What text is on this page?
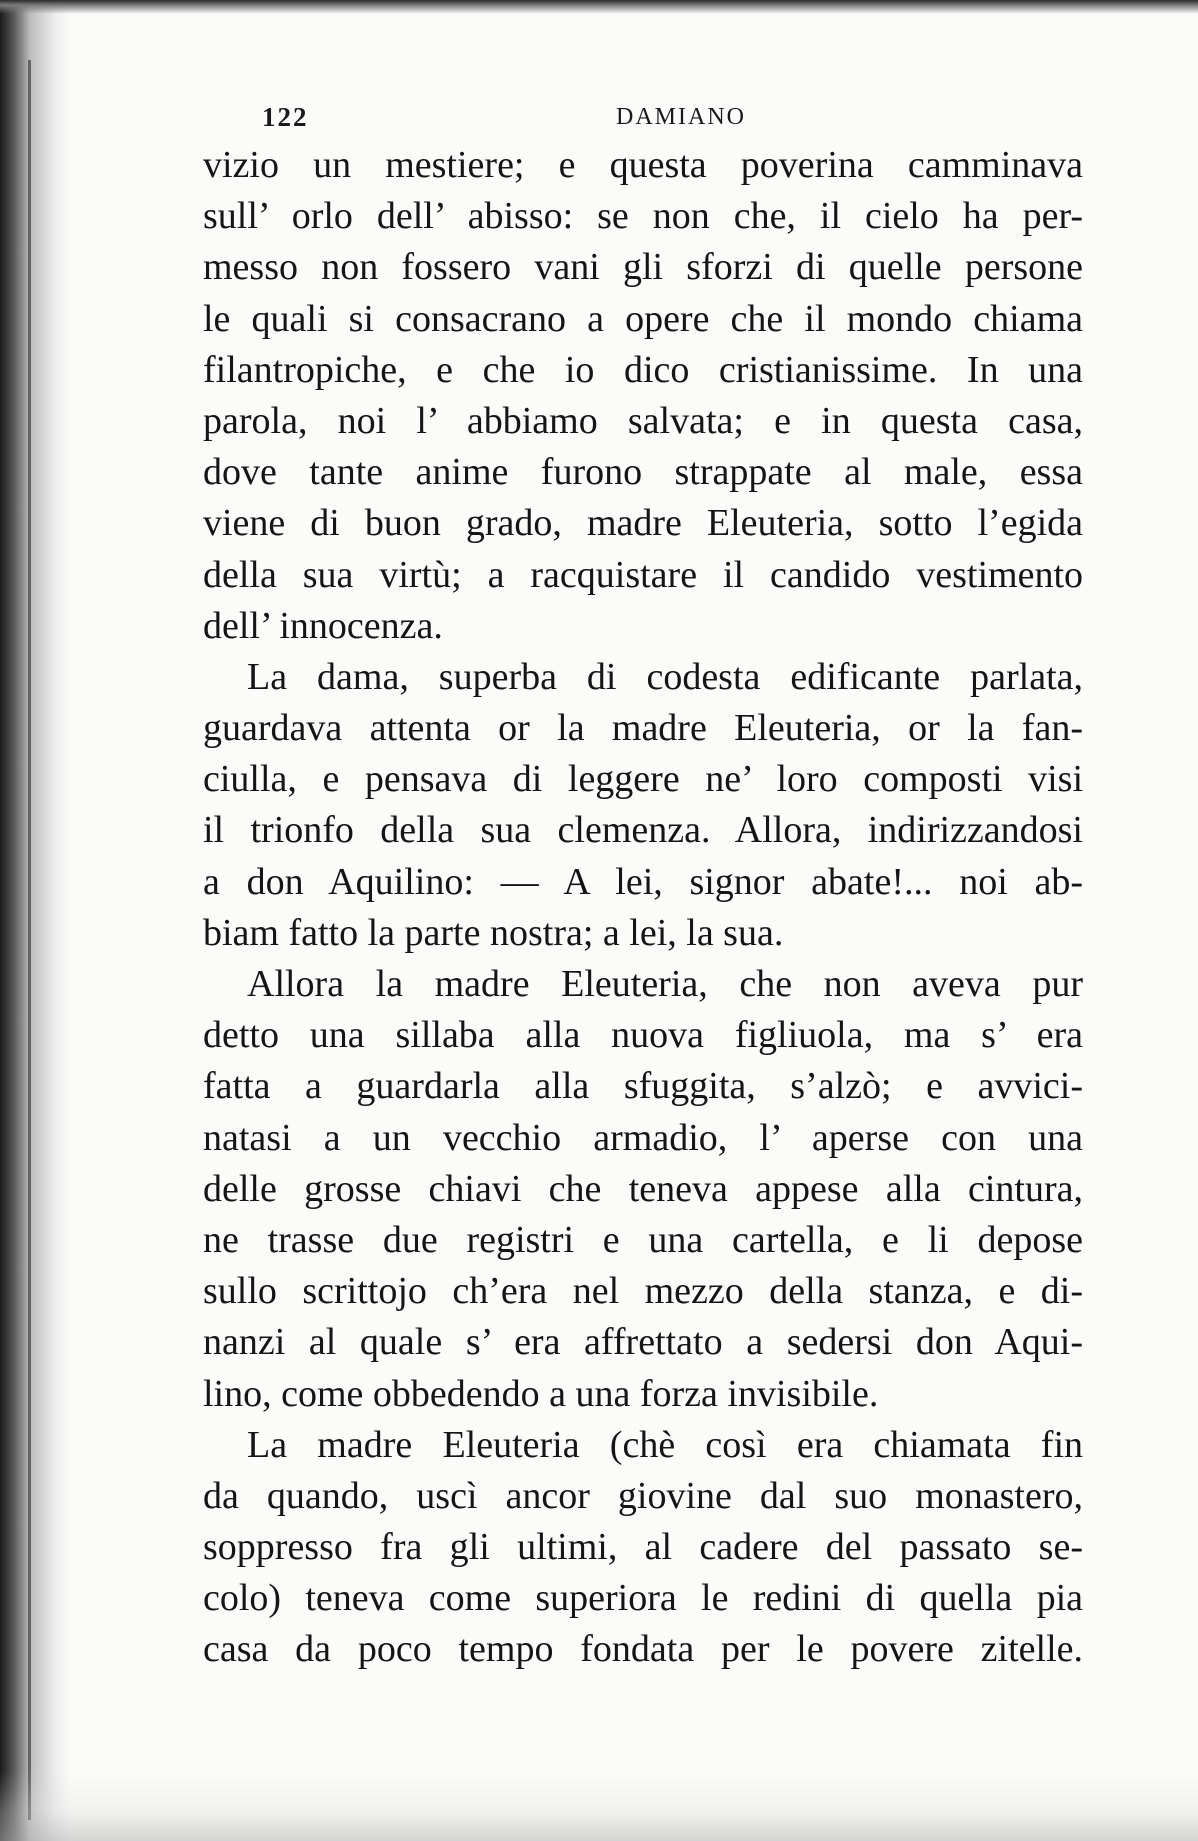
122	DAMIANO
vizio un mestiere; e questa poverina camminava
sull’ orlo dell’ abisso: se non che, il cielo ha per-
messo non fossero vani gli sforzi di quelle persone
le quali si consacrano a opere che il mondo chiama
filantropiche, e che io dico cristianissime. In una
parola, noi l’ abbiamo salvata; e in questa casa,
dove tante anime furono strappate al male, essa
viene di buon grado, madre Eleuteria, sotto l’egida
della sua virtù; a racquistare il candido vestimento
dell’ innocenza.
La dama, superba di codesta edificante parlata,
guardava attenta or la madre Eleuteria, or la fan-
ciulla, e pensava di leggere ne’ loro composti visi
il trionfo della sua clemenza. Allora, indirizzandosi
a don Aquilino: — A lei, signor abate!... noi ab-
biam fatto la parte nostra; a lei, la sua.
Allora la madre Eleuteria, che non aveva pur
detto una sillaba alla nuova figliuola, ma s’ era
fatta a guardarla alla sfuggita, s’alzò; e avvici-
natasi a un vecchio armadio, l’ aperse con una
delle grosse chiavi che teneva appese alla cintura,
ne trasse due registri e una cartella, e li depose
sullo scrittojo ch’era nel mezzo della stanza, e di-
nanzi al quale s’ era affrettato a sedersi don Aqui-
lino, come obbedendo a una forza invisibile.
La madre Eleuteria (chè così era chiamata fin
da quando, uscì ancor giovine dal suo monastero,
soppresso fra gli ultimi, al cadere del passato se-
colo) teneva come superiora le redini di quella pia
casa da poco tempo fondata per le povere zitelle.
